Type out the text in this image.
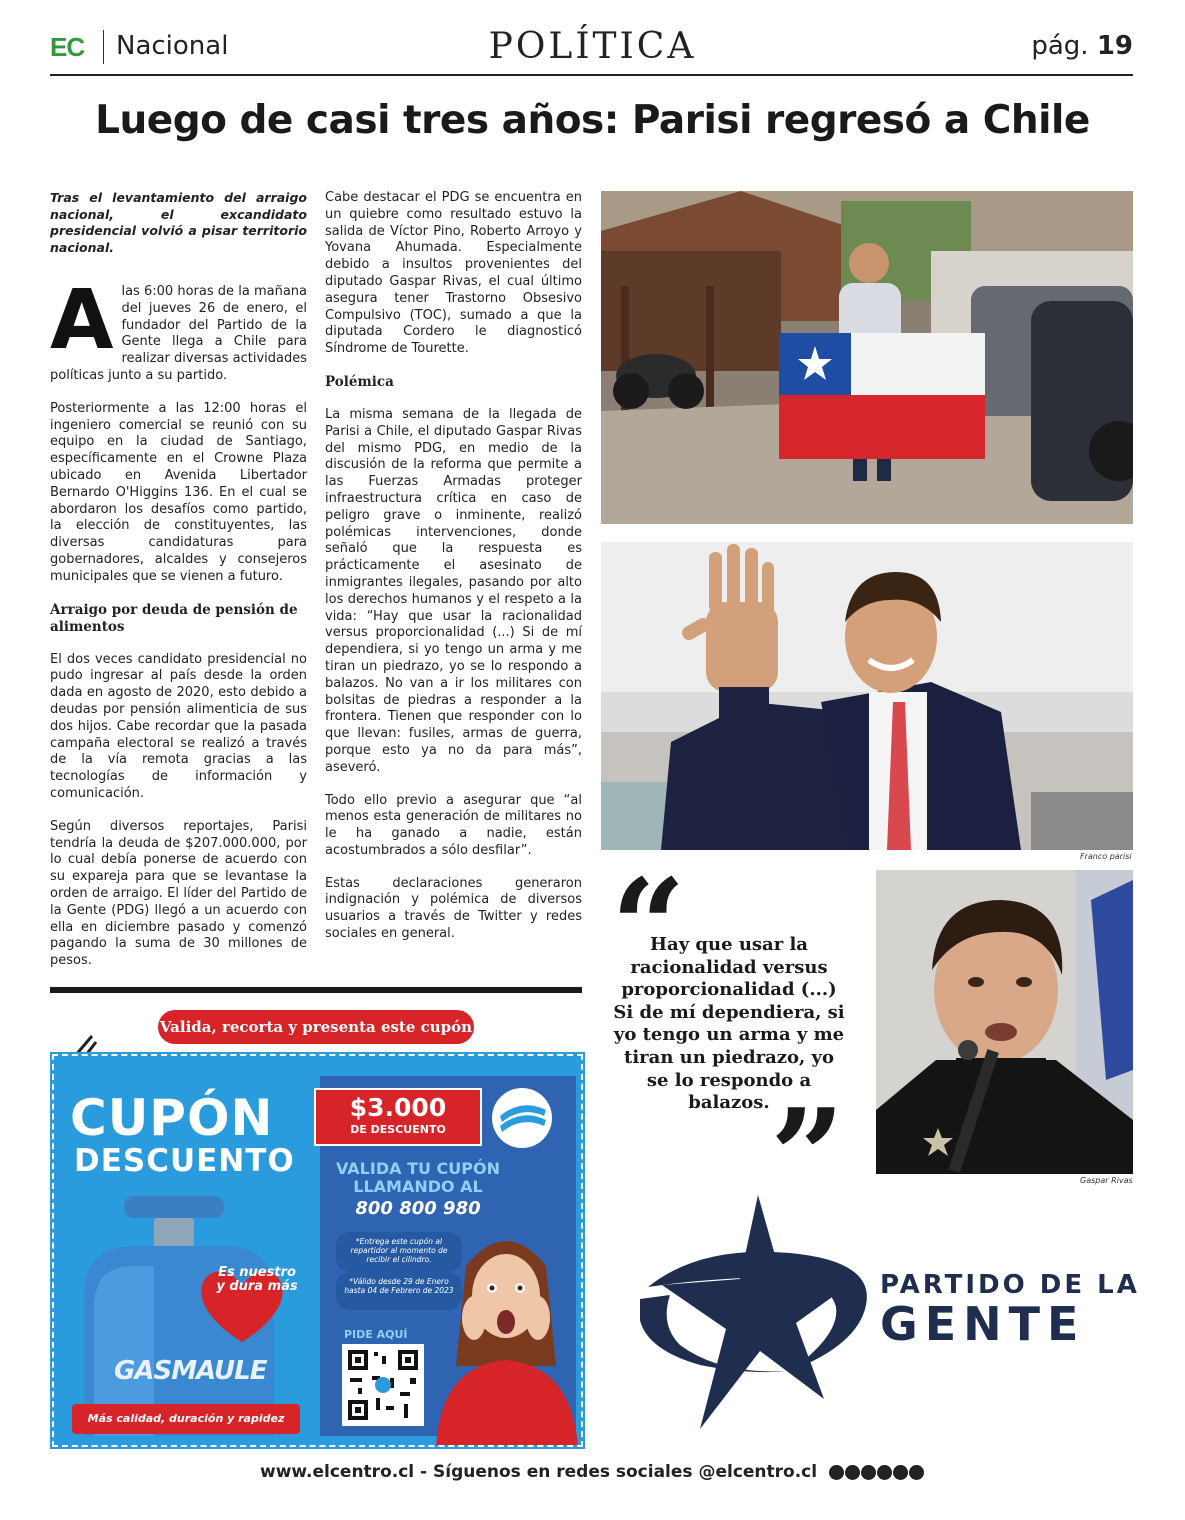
EC Nacional	POLÍTICA	pág. 19
Luego de casi tres años: Parisi regresó a Chile

Tras el levantamiento del arraigo nacional, el excandidato presidencial volvió a pisar territorio nacional.

Alas 6:00 horas de la mañana del jueves 26 de enero, el fundador del Partido de la Gente llega a Chile para realizar diversas actividades políticas junto a su partido.

Posteriormente a las 12:00 horas el ingeniero comercial se reunió con su equipo en la ciudad de Santiago, específicamente en el Crowne Plaza ubicado en Avenida Libertador Bernardo O'Higgins 136. En el cual se abordaron los desafíos como partido, la elección de constituyentes, las diversas candidaturas para gobernadores, alcaldes y consejeros municipales que se vienen a futuro.

Arraigo por deuda de pensión de alimentos

El dos veces candidato presidencial no pudo ingresar al país desde la orden dada en agosto de 2020, esto debido a deudas por pensión alimenticia de sus dos hijos. Cabe recordar que la pasada campaña electoral se realizó a través de la vía remota gracias a las tecnologías de información y comunicación.

Según diversos reportajes, Parisi tendría la deuda de $207.000.000, por lo cual debía ponerse de acuerdo con su expareja para que se levantase la orden de arraigo. El líder del Partido de la Gente (PDG) llegó a un acuerdo con ella en diciembre pasado y comenzó pagando la suma de 30 millones de pesos.

Cabe destacar el PDG se encuentra en un quiebre como resultado estuvo la salida de Víctor Pino, Roberto Arroyo y Yovana Ahumada. Especialmente debido a insultos provenientes del diputado Gaspar Rivas, el cual último asegura tener Trastorno Obsesivo Compulsivo (TOC), sumado a que la diputada Cordero le diagnosticó Síndrome de Tourette.

Polémica

La misma semana de la llegada de Parisi a Chile, el diputado Gaspar Rivas del mismo PDG, en medio de la discusión de la reforma que permite a las Fuerzas Armadas proteger infraestructura crítica en caso de peligro grave o inminente, realizó polémicas intervenciones, donde señaló que la respuesta es prácticamente el asesinato de inmigrantes ilegales, pasando por alto los derechos humanos y el respeto a la vida: “Hay que usar la racionalidad versus proporcionalidad (...) Si de mí dependiera, si yo tengo un arma y me tiran un piedrazo, yo se lo respondo a balazos. No van a ir los militares con bolsitas de piedras a responder a la frontera. Tienen que responder con lo que llevan: fusiles, armas de guerra, porque esto ya no da para más”, aseveró.

Todo ello previo a asegurar que “al menos esta generación de militares no le ha ganado a nadie, están acostumbrados a sólo desfilar”.

Estas declaraciones generaron indignación y polémica de diversos usuarios a través de Twitter y redes sociales en general.

Franco parisi
Gaspar Rivas
“
Hay que usar la racionalidad versus proporcionalidad (...) Si de mí dependiera, si yo tengo un arma y me tiran un piedrazo, yo se lo respondo a balazos. ”
Valida, recorta y presenta este cupón
CUPÓN
DESCUENTO
Es nuestro y dura más
GASMAULE
Más calidad, duración y rapidez
$3.000
DE DESCUENTO
VALIDA TU CUPÓN LLAMANDO AL
800 800 980
*Entrega este cupón al repartidor al momento de recibir el cilindro.
*Válido desde 29 de Enero hasta 04 de Febrero de 2023
PIDE AQUÍ
PARTIDO DE LA
GENTE
www.elcentro.cl - Síguenos en redes sociales @elcentro.cl
